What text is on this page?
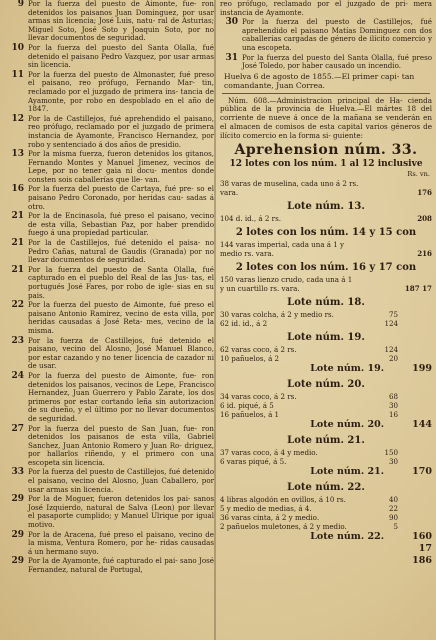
9 Por la fuerza del puesto de Aimonte, fue- ron detenidos los paisanos Juan Dominguez, por usar armas sin licencia; José Luis, natu- ral de Asturias; Miguel Soto, José Soto y Joaquin Soto, por no llevar documentos de seguridad.
10 Por la fuerza del puesto del Santa Olalla, fué detenido el paisano Pedro Vazquez, por usar armas sin licencia.
11 Por la fuerza del puesto de Almonaster, fué preso el paisano, reo prófugo, Fernando Mar- tin, reclamado por el juzgado de primera ins- tancia de Ayamonte, por robo en despoblado en el año de 1847.
12 Por la de Castillejos, fué aprehendido el paisano, reo prófugo, reclamado por el juzgado de primera instancia de Ayamonte, Francisco Hernandez, por robo y sentenciado á dos años de presidio.
13 Por la misma fuerza, fueron detenidos los gitanos, Fernando Montes y Manuel Jimenez, vecinos de Lepe, por no tener gaia ni docu- mentos donde consten sois caballerías que lle- van.
16 Por la fuerza del puesto de Cartaya, fué pre- so el paisano Pedro Coronado, por heridas cau- sadas á otro.
21 Por la de Encinasola, fué preso el paisano, vecino de esta villa, Sebastian Paz, por haber prendido fuego á una propiedad particular.
21 Por la de Castillejos, fué detenido el paisa- no Pedro Cañas, natural de Gaudis (Granada) por no llevar documentos de seguridad.
21 Por la fuerza del puesto de Santa Olalla, fué capturado en el pueblo del Real de las Jus- tas, el portugués José Fares, por robo de igle- sias en su pais.
22 Por la fuerza del puesto de Aimonte, fué preso el paisano Antonio Ramirez, vecino de esta villa, por heridas causadas á José Reta- mes, vecino de la misma.
23 Por la fuerza de Castillejos, fué detenido el paisano, vecino del Alosno, José Manuel Blanco, por estar cazando y no tener licencia de cazador ni de usar.
24 Por la fuerza del puesto de Aimonte, fue- ron detenidos los paisanos, vecinos de Lepe, Francisco Hernandez, Juan Guerrero y Pablo Zarate, los dos primeros por estar cortando leña sin autorizacion de su dueño, y el último por no llevar documentos de seguridad.
27 Por la fuerza del puesto de San Juan, fue- ron detenidos los paisanos de esta villa, Gabriel Sanchez, Juan Antonio Romero y Juan Ro- driguez, por hallarlos riñendo, y el primero con una escopeta sin licencia.
33 Por la fuerza del puesto de Castillejos, fué detenido el paisano, vecino del Alosno, Juan Caballero, por usar armas sin licencia.
29 Por la de Moguer, fueron detenidos los pai- sanos José Izquierdo, natural de Salva (Leon) por llevar el pasaporte cumplido; y Manuel Ulrique por igual motivo.
29 Por la de Aracena, fué preso el paisano, vecino de la misma, Ventura Romero, por he- ridas causadas á un hermano suyo.
29 Por la de Ayamonte, fué capturado el pai- sano José Fernandez, natural de Portugal,
reo prófugo, reclamado por el juzgado de pri- mera instancia de Ayamonte.
30 Por la fuerza del puesto de Castillejos, fué aprehendido el paisano Matías Dominguez con dos caballerías cargadas de género de ilícito comercio y una escopeta.
31 Por la fuerza del puesto del Santa Olalla, fué preso José Toledo, por haber causado un incendio.
Huelva 6 de agosto de 1855.—El primer capi- tan comandante, Juan Correa.
Núm. 608.—Administracion principal de Ha- cienda pública de la provincia de Huelva.—El mártes 18 del corriente de nueve á once de la mañana se venderán en el almacen de comisos de esta capital varios géneros de ilícito comercio en la forma si- guiente:
Aprehension núm. 33.
12 lotes con los núm. 1 al 12 inclusive
Rs. vn.
38 varas de muselina, cada uno á 2 rs.
vara.	176
Lote núm. 13.
104 d. id., á 2 rs.	208
2 lotes con los núm. 14 y 15 con
144 varas imperial, cada una á 1 y
medio rs. vara.	216
2 lotes con los núm. 16 y 17 con
150 varas lienzo crudo, cada una á 1
y un cuartillo rs. vara.	187 17
Lote núm. 18.
30 varas colcha, á 2 y medio rs.	75
62 id. id., á 2	124
Lote núm. 19.
62 varas coco, á 2 rs.	124
10 pañuelos, á 2	20
Lote núm. 19.	199
Lote núm. 20.
34 varas coco, á 2 rs.	68
6 id. piqué, á 5	30
16 pañuelos, á 1	16
Lote núm. 20.	144
Lote núm. 21.
37 varas coco, á 4 y medio.	150
6 varas piqué, á 5.	30
Lote núm. 21.	170
Lote núm. 22.
4 libras algodón en ovillos, á 10 rs.	40
5 y medio de medias, á 4.	22
36 varas cinta, á 2 y medio.	90
2 pañuelos muletones, á 2 y medio.	5
Lote núm. 22.	160 17
186
